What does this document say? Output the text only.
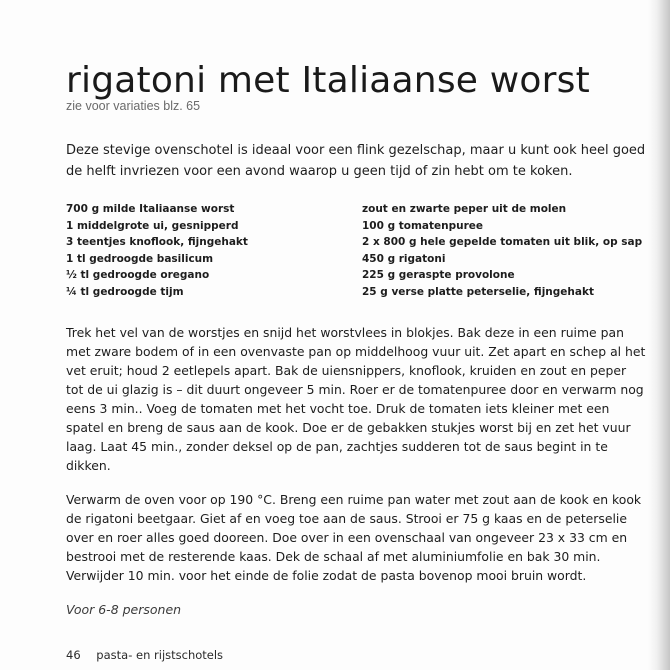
rigatoni met Italiaanse worst
zie voor variaties blz. 65

Deze stevige ovenschotel is ideaal voor een flink gezelschap, maar u kunt ook heel goed de helft invriezen voor een avond waarop u geen tijd of zin hebt om te koken.

700 g milde Italiaanse worst
1 middelgrote ui, gesnipperd
3 teentjes knoflook, fijngehakt
1 tl gedroogde basilicum
½ tl gedroogde oregano
¼ tl gedroogde tijm
zout en zwarte peper uit de molen
100 g tomatenpuree
2 x 800 g hele gepelde tomaten uit blik, op sap
450 g rigatoni
225 g geraspte provolone
25 g verse platte peterselie, fijngehakt

Trek het vel van de worstjes en snijd het worstvlees in blokjes. Bak deze in een ruime pan met zware bodem of in een ovenvaste pan op middelhoog vuur uit. Zet apart en schep al het vet eruit; houd 2 eetlepels apart. Bak de uiensnippers, knoflook, kruiden en zout en peper tot de ui glazig is – dit duurt ongeveer 5 min. Roer er de tomatenpuree door en verwarm nog eens 3 min.. Voeg de tomaten met het vocht toe. Druk de tomaten iets kleiner met een spatel en breng de saus aan de kook. Doe er de gebakken stukjes worst bij en zet het vuur laag. Laat 45 min., zonder deksel op de pan, zachtjes sudderen tot de saus begint in te dikken.

Verwarm de oven voor op 190 °C. Breng een ruime pan water met zout aan de kook en kook de rigatoni beetgaar. Giet af en voeg toe aan de saus. Strooi er 75 g kaas en de peterselie over en roer alles goed dooreen. Doe over in een ovenschaal van ongeveer 23 x 33 cm en bestrooi met de resterende kaas. Dek de schaal af met aluminiumfolie en bak 30 min. Verwijder 10 min. voor het einde de folie zodat de pasta bovenop mooi bruin wordt.

Voor 6-8 personen
46 pasta- en rijstschotels
